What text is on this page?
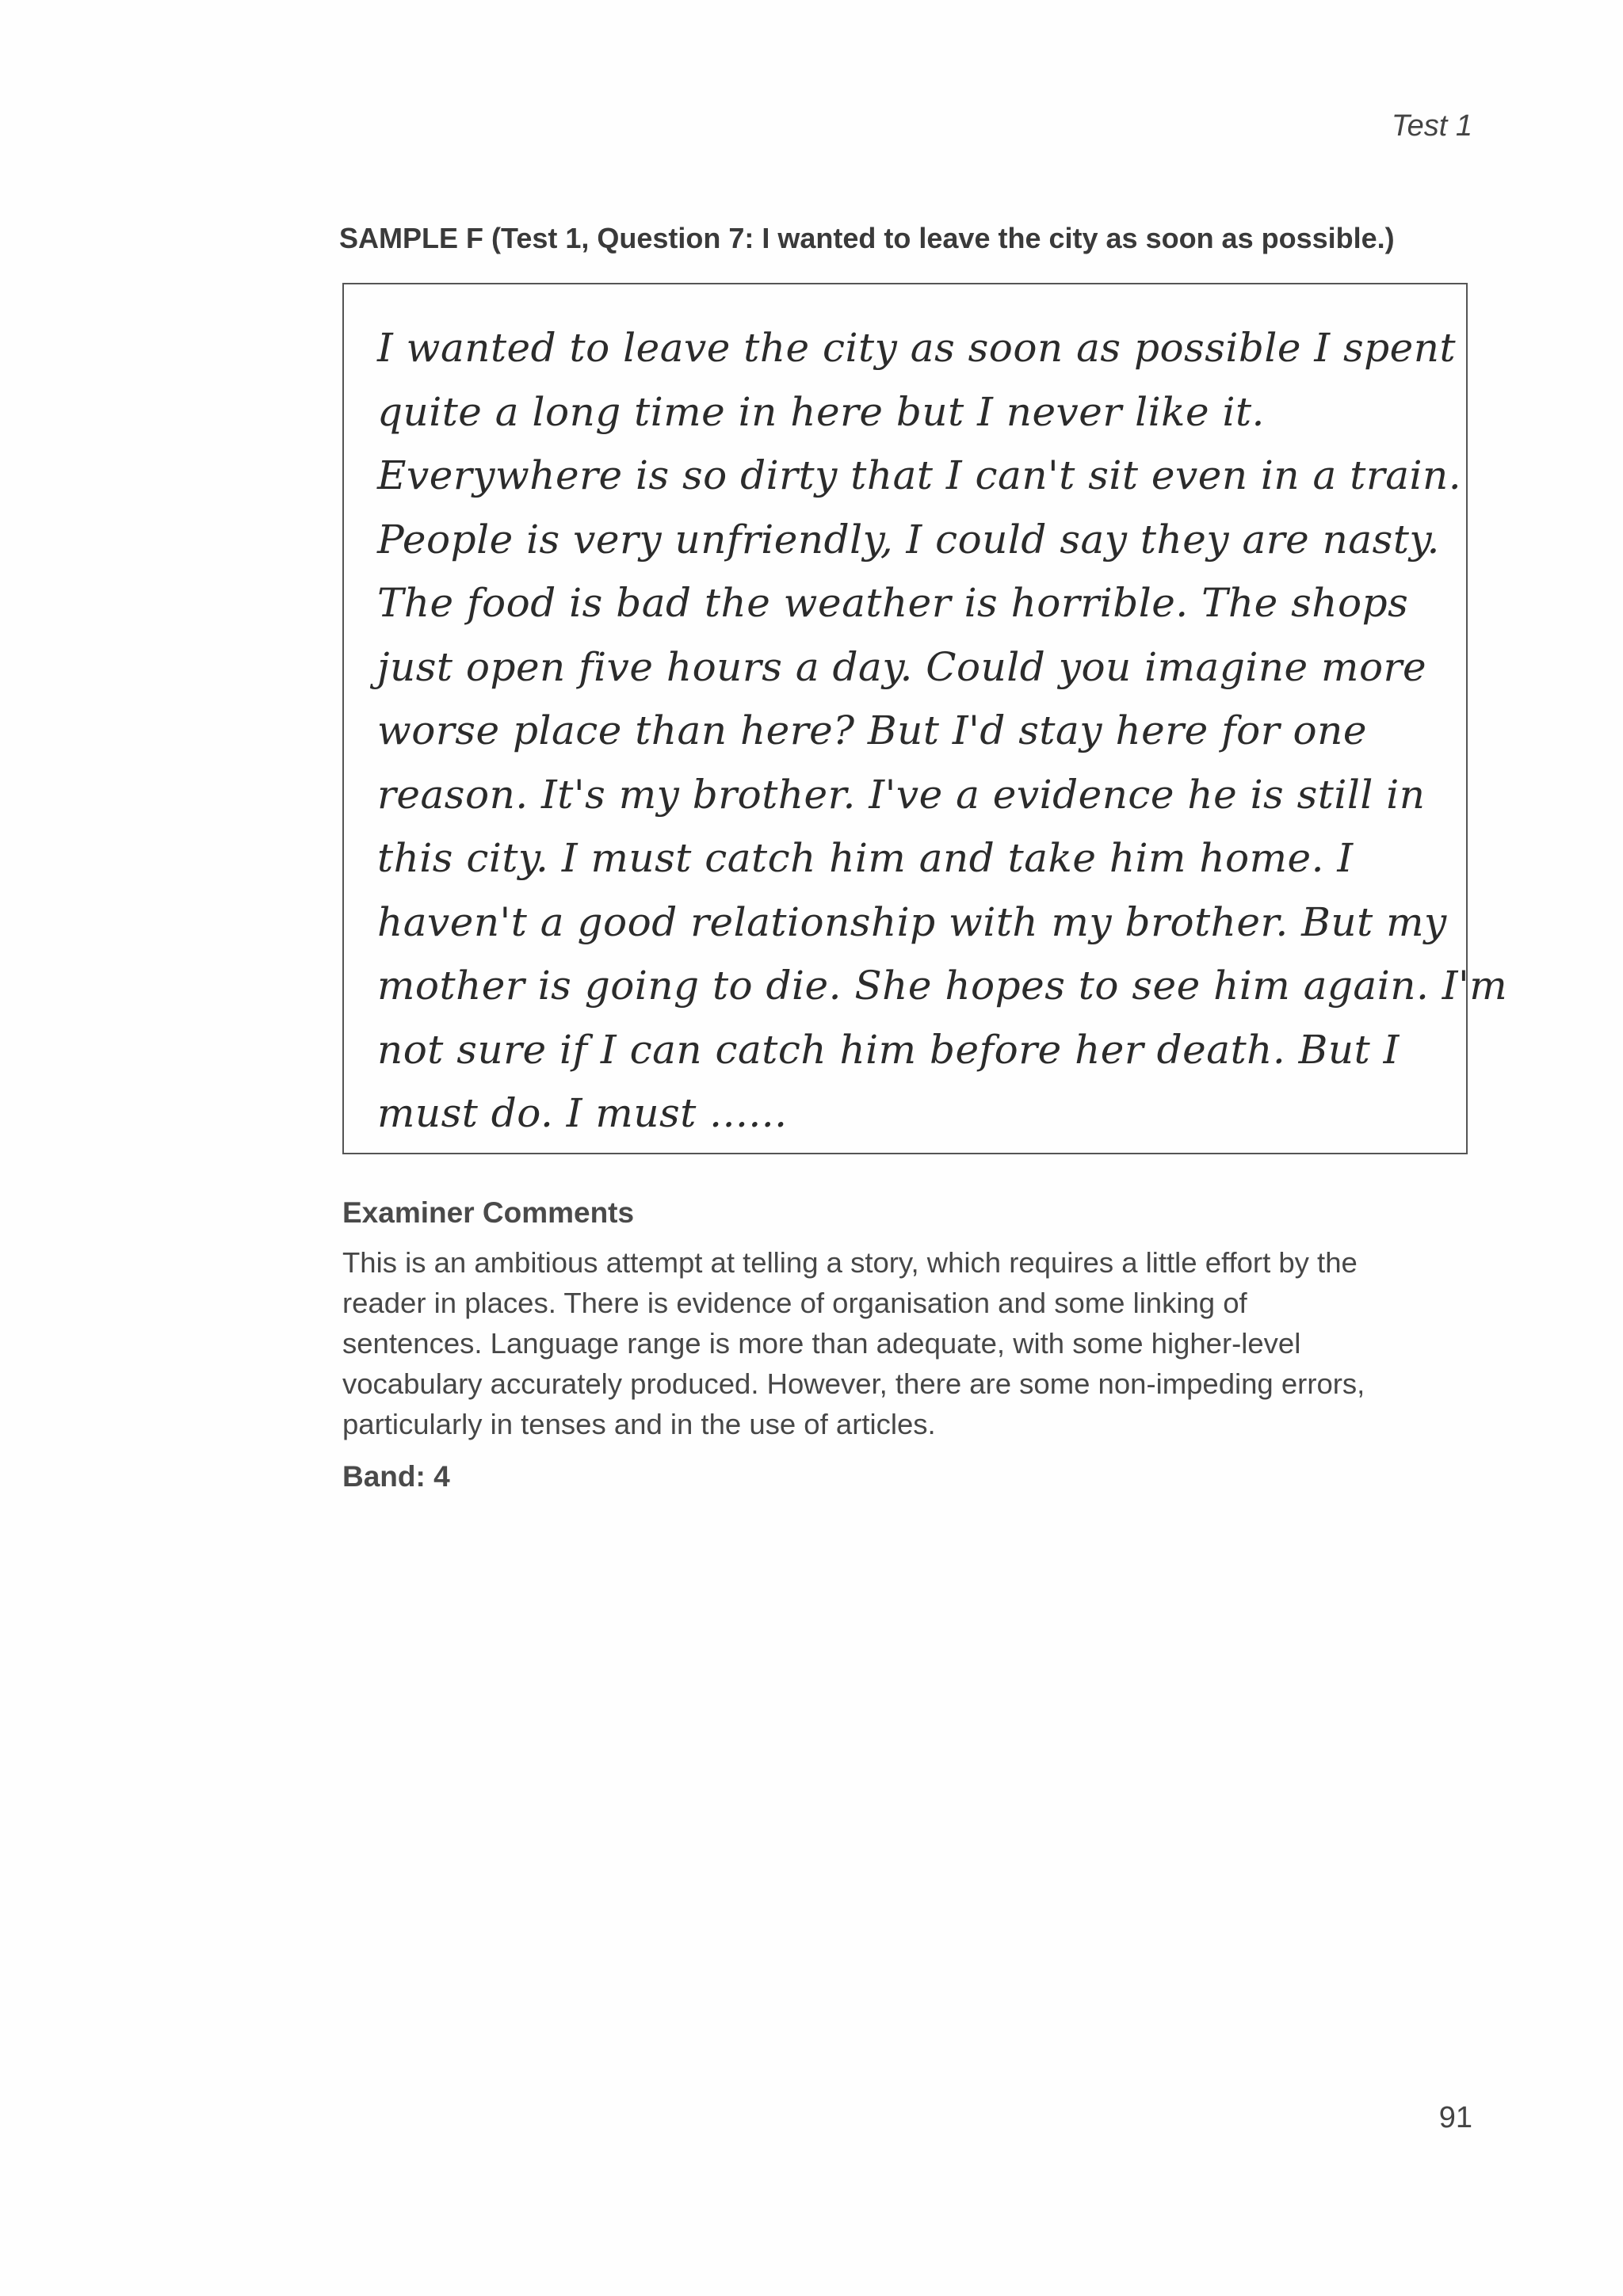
Test 1
SAMPLE F (Test 1, Question 7: I wanted to leave the city as soon as possible.)
I wanted to leave the city as soon as possible I spent
quite a long time in here but I never like it.
Everywhere is so dirty that I can't sit even in a train.
People is very unfriendly, I could say they are nasty.
The food is bad the weather is horrible. The shops
just open five hours a day. Could you imagine more
worse place than here? But I'd stay here for one
reason. It's my brother. I've a evidence he is still in
this city. I must catch him and take him home. I
haven't a good relationship with my brother. But my
mother is going to die. She hopes to see him again. I'm
not sure if I can catch him before her death. But I
must do. I must ......
Examiner Comments
This is an ambitious attempt at telling a story, which requires a little effort by the
reader in places. There is evidence of organisation and some linking of
sentences. Language range is more than adequate, with some higher-level
vocabulary accurately produced. However, there are some non-impeding errors,
particularly in tenses and in the use of articles.
Band: 4
91
